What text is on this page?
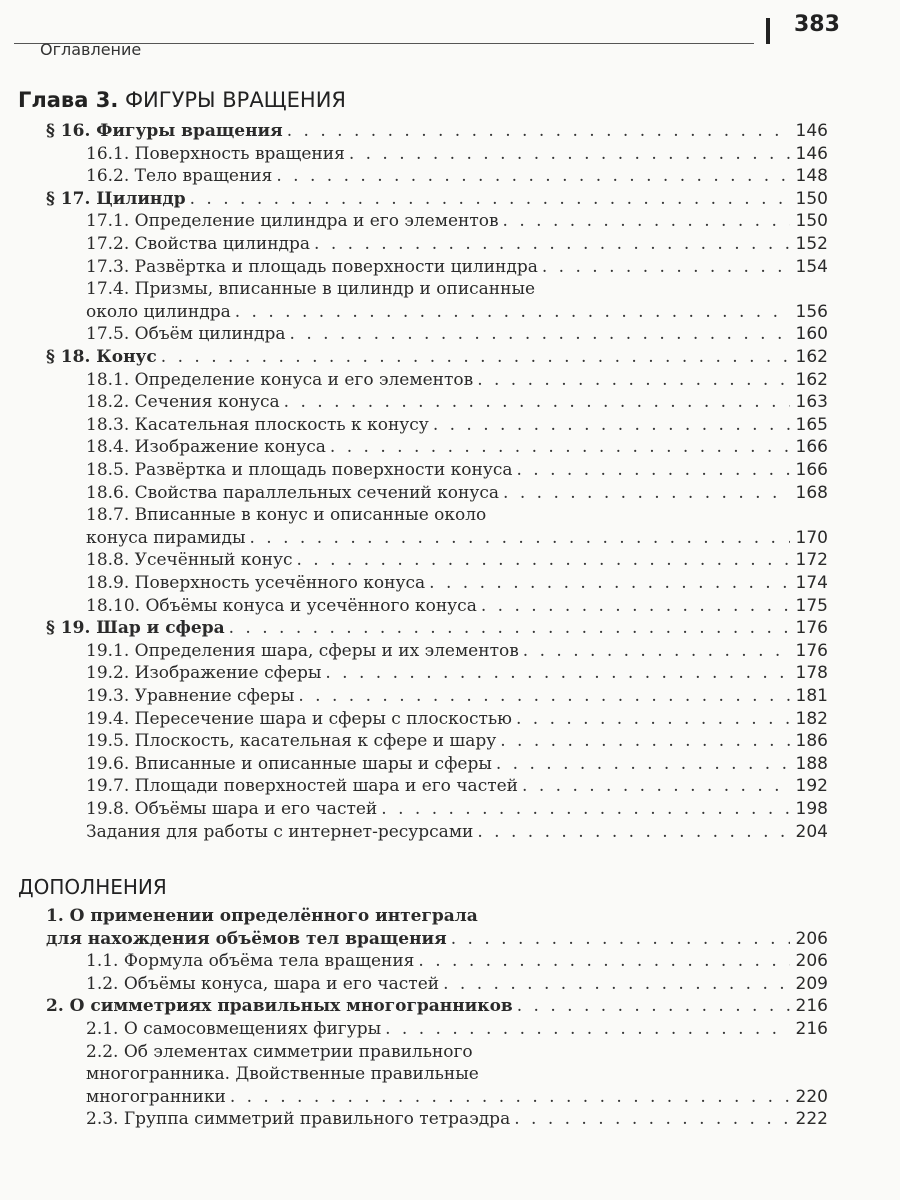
Оглавление
383
Глава 3. ФИГУРЫ ВРАЩЕНИЯ
ДОПОЛНЕНИЯ
§ 16. Фигуры вращения . . .	146
16.1. Поверхность вращения . . .	146
16.2. Тело вращения . . .	148
§ 17. Цилиндр . . .	150
17.1. Определение цилиндра и его элементов . . .	150
17.2. Свойства цилиндра . . .	152
17.3. Развёртка и площадь поверхности цилиндра . . .	154
17.4. Призмы, вписанные в цилиндр и описанные
около цилиндра . . .	156
17.5. Объём цилиндра . . .	160
§ 18. Конус . . .	162
18.1. Определение конуса и его элементов . . .	162
18.2. Сечения конуса . . .	163
18.3. Касательная плоскость к конусу . . .	165
18.4. Изображение конуса . . .	166
18.5. Развёртка и площадь поверхности конуса . . .	166
18.6. Свойства параллельных сечений конуса . . .	168
18.7. Вписанные в конус и описанные около
конуса пирамиды . . .	170
18.8. Усечённый конус . . .	172
18.9. Поверхность усечённого конуса . . .	174
18.10. Объёмы конуса и усечённого конуса . . .	175
§ 19. Шар и сфера . . .	176
19.1. Определения шара, сферы и их элементов . . .	176
19.2. Изображение сферы . . .	178
19.3. Уравнение сферы . . .	181
19.4. Пересечение шара и сферы с плоскостью . . .	182
19.5. Плоскость, касательная к сфере и шару . . .	186
19.6. Вписанные и описанные шары и сферы . . .	188
19.7. Площади поверхностей шара и его частей . . .	192
19.8. Объёмы шара и его частей . . .	198
Задания для работы с интернет-ресурсами . . .	204
1. О применении определённого интеграла
для нахождения объёмов тел вращения . . .	206
1.1. Формула объёма тела вращения . . .	206
1.2. Объёмы конуса, шара и его частей . . .	209
2. О симметриях правильных многогранников . . .	216
2.1. О самосовмещениях фигуры . . .	216
2.2. Об элементах симметрии правильного
многогранника. Двойственные правильные
многогранники . . .	220
2.3. Группа симметрий правильного тетраэдра . . .	222
